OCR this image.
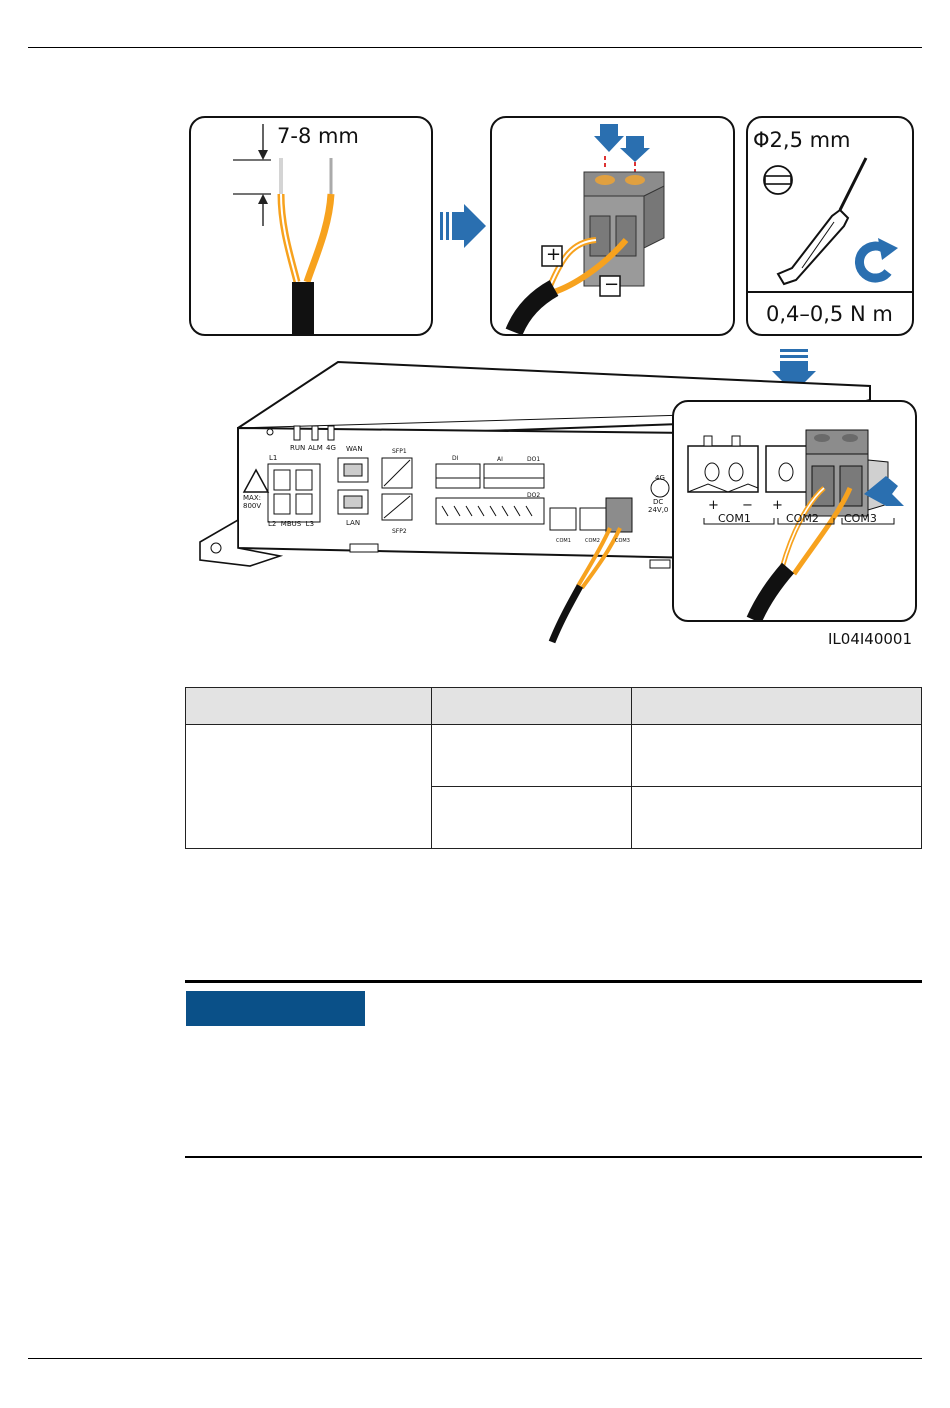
7-8 mm
+
−
Φ2,5 mm
0,4–0,5 N m
RUN ALM 4G
L1
L2  MBUS  L3
MAX:
800V
WAN
LAN
SFP1
SFP2
DI	AI	DO1
DO2
4G
DC
24V,0
COM1	COM2	COM3
+ − +
COM1	COM2 COM3
IL04I40001
